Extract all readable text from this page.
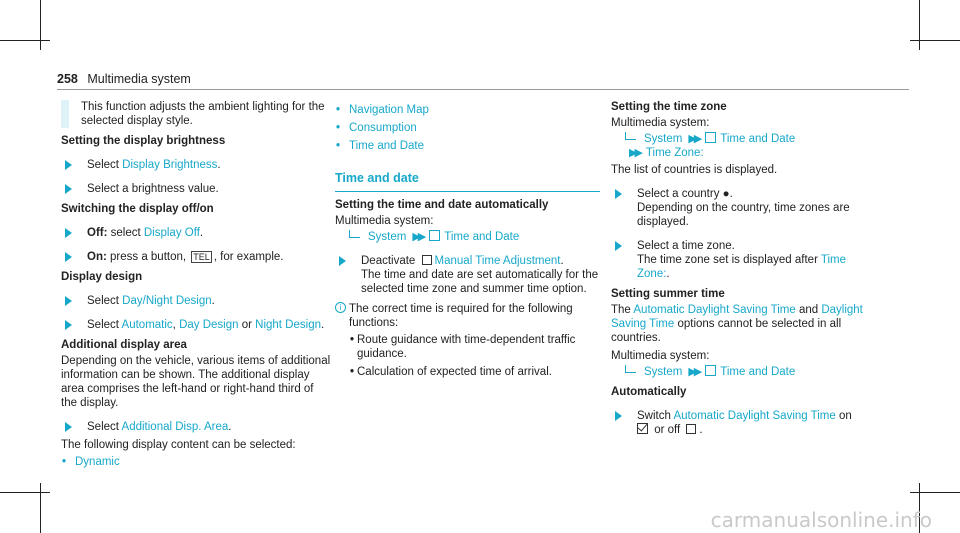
258 Multimedia system
This function adjusts the ambient lighting for the selected display style.
Setting the display brightness
Select Display Brightness.
Select a brightness value.
Switching the display off/on
Off: select Display Off.
On: press a button, TEL , for example.
Display design
Select Day/Night Design.
Select Automatic, Day Design or Night Design.
Additional display area
Depending on the vehicle, various items of additional information can be shown. The additional display area comprises the left-hand or right-hand third of the display.
Select Additional Disp. Area.
The following display content can be selected:
• Dynamic
• Navigation Map
• Consumption
• Time and Date
Time and date
Setting the time and date automatically
Multimedia system:
System ▶▶ Time and Date
Deactivate Manual Time Adjustment.
The time and date are set automatically for the selected time zone and summer time option.
i The correct time is required for the following functions:
• Route guidance with time-dependent traffic guidance.
• Calculation of expected time of arrival.
Setting the time zone
Multimedia system:
System ▶▶ Time and Date
▶▶ Time Zone:
The list of countries is displayed.
Select a country ●.
Depending on the country, time zones are displayed.
Select a time zone.
The time zone set is displayed after Time Zone:.
Setting summer time
The Automatic Daylight Saving Time and Daylight Saving Time options cannot be selected in all countries.
Multimedia system:
System ▶▶ Time and Date
Automatically
Switch Automatic Daylight Saving Time on
or off .
carmanualsonline.info
